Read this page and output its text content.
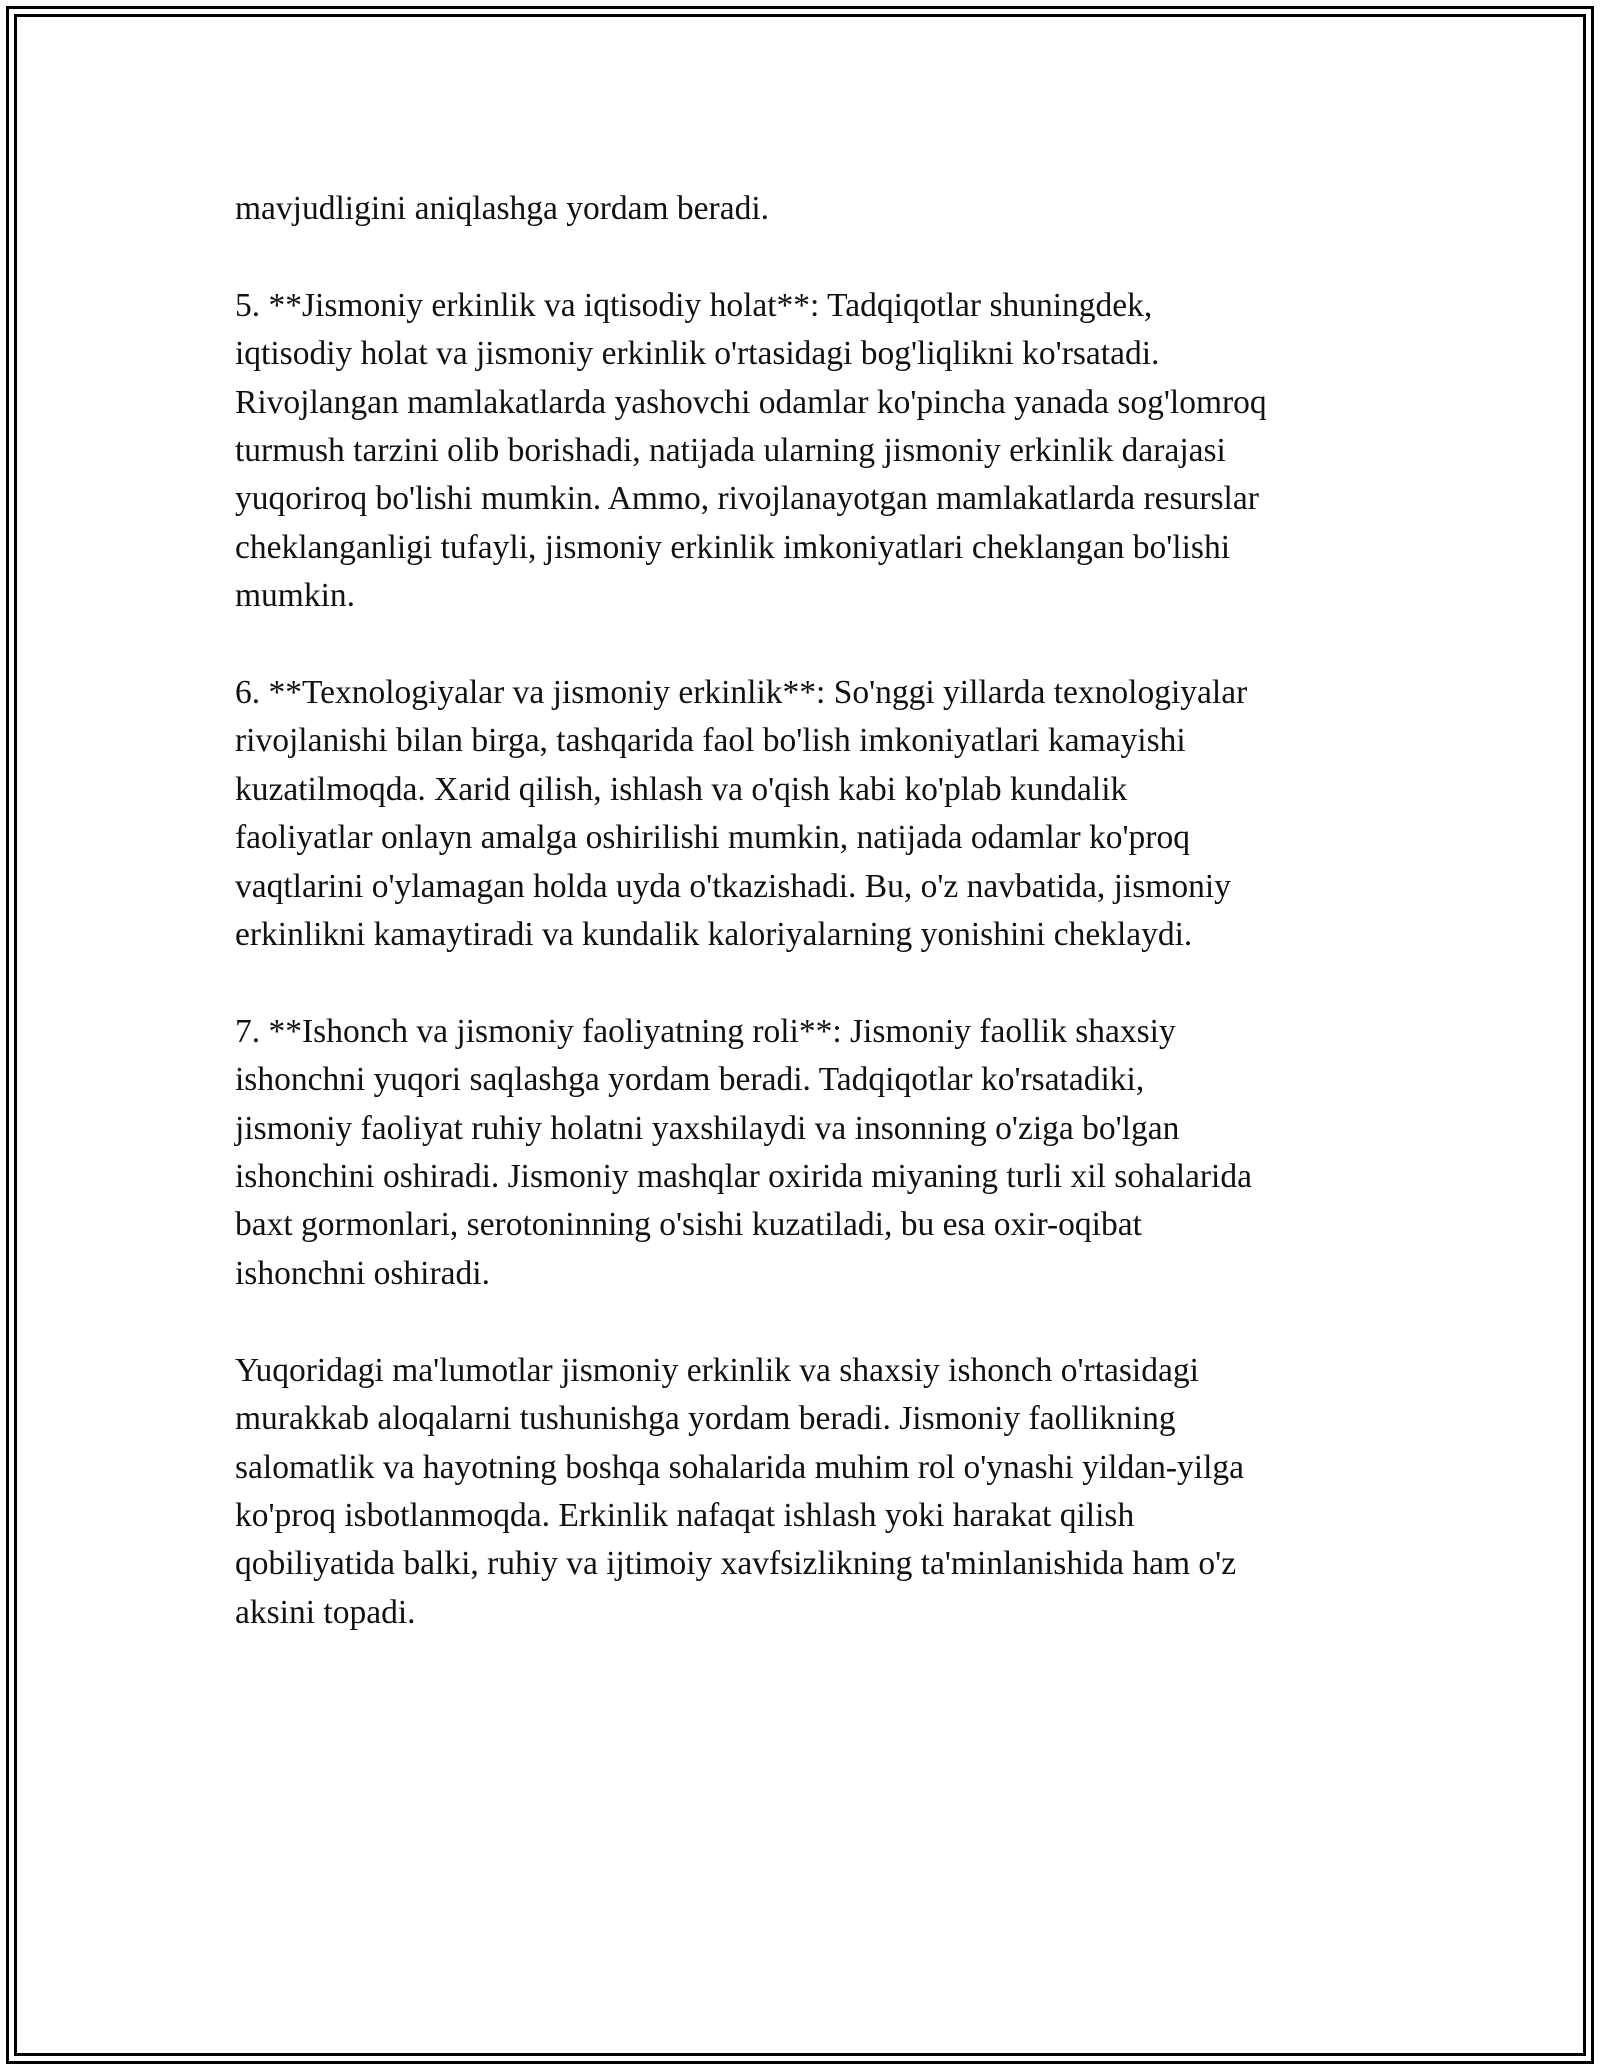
mavjudligini aniqlashga yordam beradi.

5. **Jismoniy erkinlik va iqtisodiy holat**: Tadqiqotlar shuningdek,
iqtisodiy holat va jismoniy erkinlik o'rtasidagi bog'liqlikni ko'rsatadi.
Rivojlangan mamlakatlarda yashovchi odamlar ko'pincha yanada sog'lomroq
turmush tarzini olib borishadi, natijada ularning jismoniy erkinlik darajasi
yuqoriroq bo'lishi mumkin. Ammo, rivojlanayotgan mamlakatlarda resurslar
cheklanganligi tufayli, jismoniy erkinlik imkoniyatlari cheklangan bo'lishi
mumkin.

6. **Texnologiyalar va jismoniy erkinlik**: So'nggi yillarda texnologiyalar
rivojlanishi bilan birga, tashqarida faol bo'lish imkoniyatlari kamayishi
kuzatilmoqda. Xarid qilish, ishlash va o'qish kabi ko'plab kundalik
faoliyatlar onlayn amalga oshirilishi mumkin, natijada odamlar ko'proq
vaqtlarini o'ylamagan holda uyda o'tkazishadi. Bu, o'z navbatida, jismoniy
erkinlikni kamaytiradi va kundalik kaloriyalarning yonishini cheklaydi.

7. **Ishonch va jismoniy faoliyatning roli**: Jismoniy faollik shaxsiy
ishonchni yuqori saqlashga yordam beradi. Tadqiqotlar ko'rsatadiki,
jismoniy faoliyat ruhiy holatni yaxshilaydi va insonning o'ziga bo'lgan
ishonchini oshiradi. Jismoniy mashqlar oxirida miyaning turli xil sohalarida
baxt gormonlari, serotoninning o'sishi kuzatiladi, bu esa oxir-oqibat
ishonchni oshiradi.

Yuqoridagi ma'lumotlar jismoniy erkinlik va shaxsiy ishonch o'rtasidagi
murakkab aloqalarni tushunishga yordam beradi. Jismoniy faollikning
salomatlik va hayotning boshqa sohalarida muhim rol o'ynashi yildan-yilga
ko'proq isbotlanmoqda. Erkinlik nafaqat ishlash yoki harakat qilish
qobiliyatida balki, ruhiy va ijtimoiy xavfsizlikning ta'minlanishida ham o'z
aksini topadi.
